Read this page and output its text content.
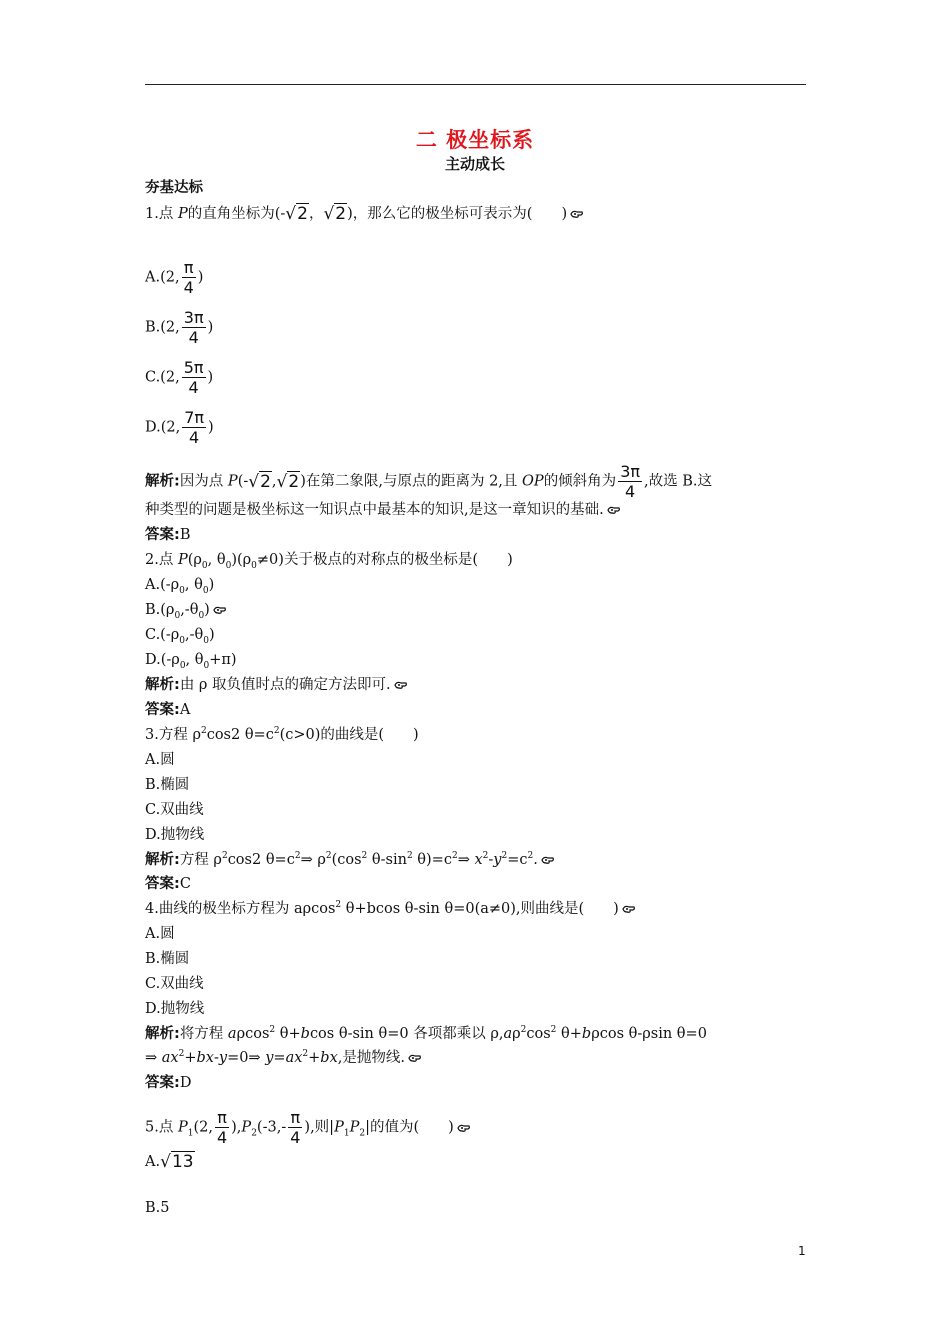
二 极坐标系
主动成长
夯基达标
1.点 P的直角坐标为(-√2，√2)，那么它的极坐标可表示为(　　)
A.(2, $\frac{\pi}{4}$ )
B.(2, $\frac{3\pi}{4}$ )
C.(2, $\frac{5\pi}{4}$ )
D.(2, $\frac{7\pi}{4}$ )
解析:因为点 P(-√2,√2)在第二象限,与原点的距离为 2,且 OP的倾斜角为 $\frac{3\pi}{4}$ ,故选 B.这
种类型的问题是极坐标这一知识点中最基本的知识,是这一章知识的基础.
答案:B
2.点 $P(\rho_0$, $\theta_0)(\rho_0\ne 0)$关于极点的对称点的极坐标是(　　)
$A.(-\rho_0$, $\theta_0$)
$B.(\rho_0,-\theta_0)$
$C.(-\rho_0,-\theta_0)$
$D.(-\rho_0$, $\theta_0+\pi$)
解析:由 ρ 取负值时点的确定方法即可.
答案:A
3.方程 $\rho^2\cos 2$ $\theta=c^2(c>0)$的曲线是(　　)
A.圆
B.椭圆
C.双曲线
D.抛物线
解析:方程 $\rho^2\cos 2$ $\theta=c^2\Rightarrow$ $\rho^2(\cos^2$ $\theta-\sin^2$ $\theta)=c^2\Rightarrow$ $x^2-y^2=c^2$.
答案:C
4.曲线的极坐标方程为 aρcos$^2$ θ+bcos θ-sin θ=0(a≠0),则曲线是(　　)
A.圆
B.椭圆
C.双曲线
D.抛物线
解析:将方程 aρcos$^2$ θ+bcos θ-sin θ=0 各项都乘以 $\rho,a\rho^2\cos^2$ θ+bρcos θ-ρsin θ=0
⇒ $ax^2+bx-y=0\Rightarrow$ $y=ax^2+bx$,是抛物线.
答案:D
5.点 $P_1(2$, $\frac{\pi}{4} ),P_2(-3,- \frac{\pi}{4}$ ),则$|P_1P_2|$的值为(　　)
A.√13
B.5
1
